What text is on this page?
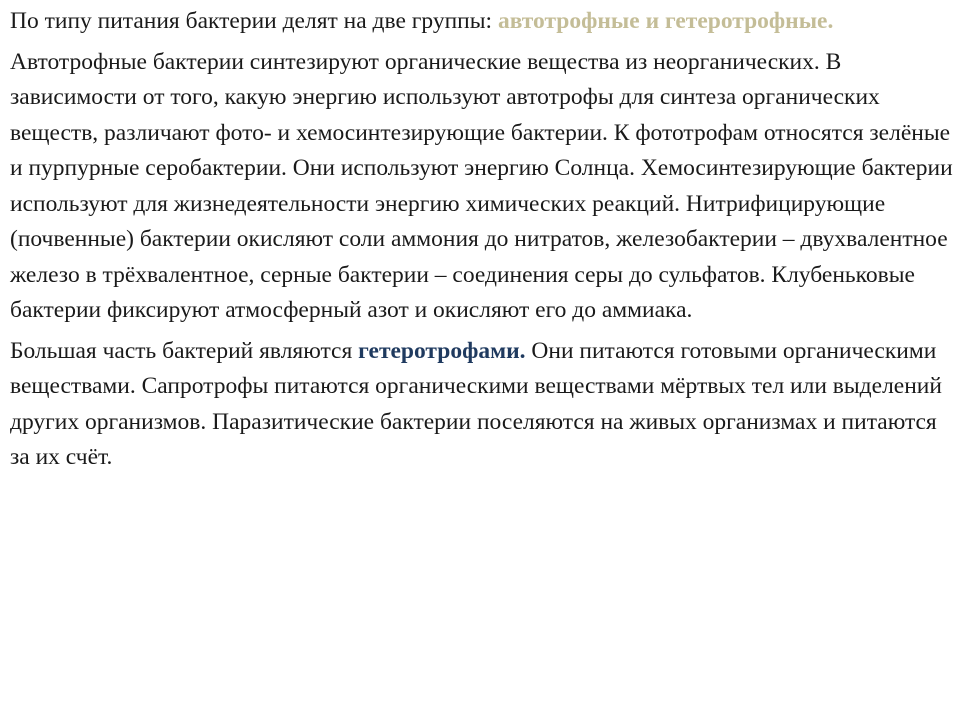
По типу питания бактерии делят на две группы: автотрофные и гетеротрофные.

Автотрофные бактерии синтезируют органические вещества из неорганических. В зависимости от того, какую энергию используют автотрофы для синтеза органических веществ, различают фото- и хемосинтезирующие бактерии. К фототрофам относятся зелёные и пурпурные серобактерии. Они используют энергию Солнца. Хемосинтезирующие бактерии используют для жизнедеятельности энергию химических реакций. Нитрифицирующие (почвенные) бактерии окисляют соли аммония до нитратов, железобактерии – двухвалентное железо в трёхвалентное, серные бактерии – соединения серы до сульфатов. Клубеньковые бактерии фиксируют атмосферный азот и окисляют его до аммиака.

Большая часть бактерий являются гетеротрофами. Они питаются готовыми органическими веществами. Сапротрофы питаются органическими веществами мёртвых тел или выделений других организмов. Паразитические бактерии поселяются на живых организмах и питаются за их счёт.
